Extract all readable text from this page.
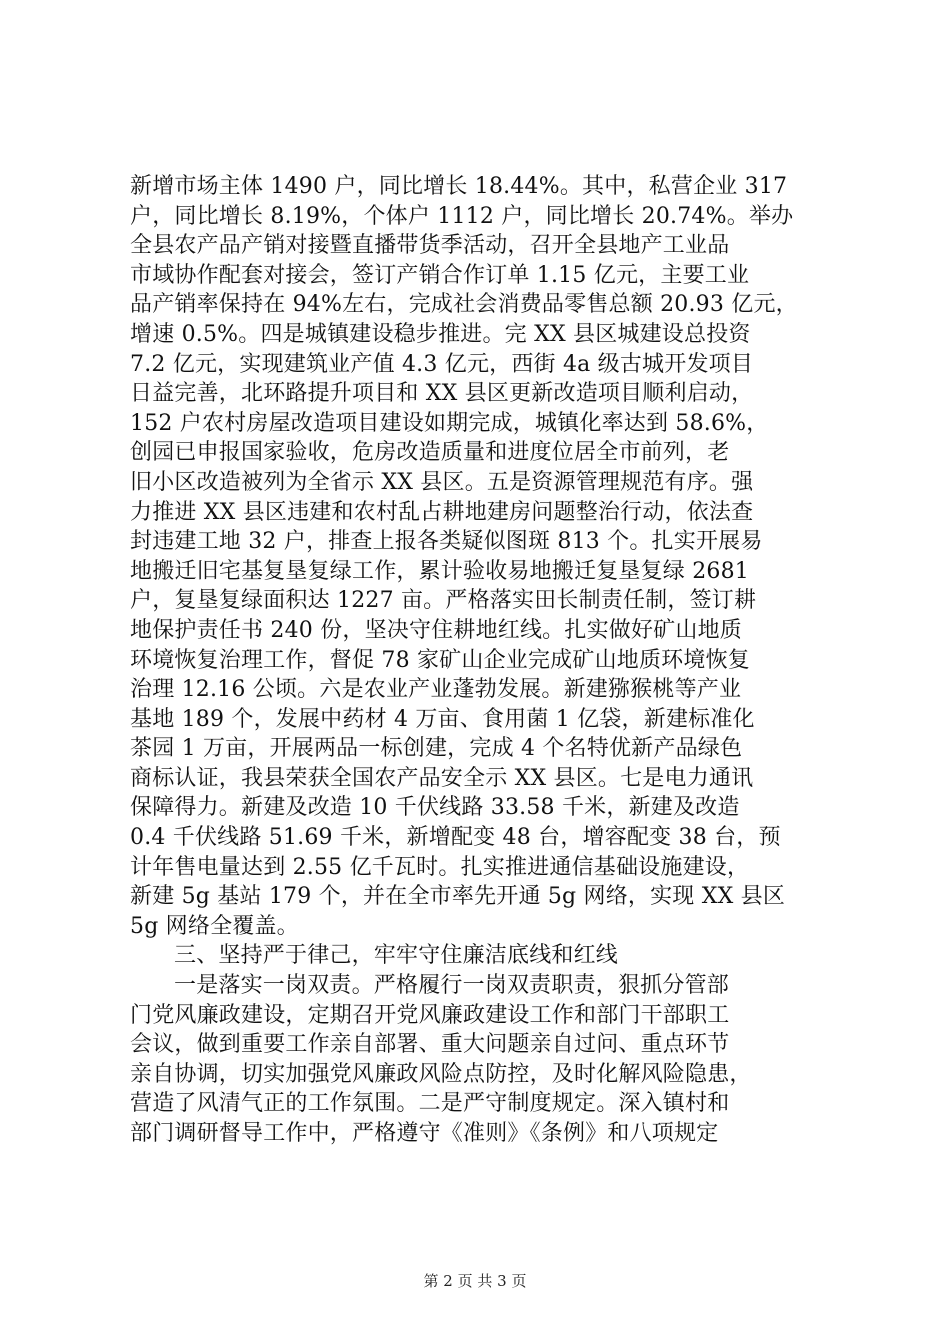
新增市场主体 1490 户，同比增长 18.44%。其中，私营企业 317
户，同比增长 8.19%，个体户 1112 户，同比增长 20.74%。举办
全县农产品产销对接暨直播带货季活动，召开全县地产工业品
市域协作配套对接会，签订产销合作订单 1.15 亿元，主要工业
品产销率保持在 94%左右，完成社会消费品零售总额 20.93 亿元，
增速 0.5%。四是城镇建设稳步推进。完 XX 县区城建设总投资
7.2 亿元，实现建筑业产值 4.3 亿元，西街 4a 级古城开发项目
日益完善，北环路提升项目和 XX 县区更新改造项目顺利启动，
152 户农村房屋改造项目建设如期完成，城镇化率达到 58.6%，
创园已申报国家验收，危房改造质量和进度位居全市前列，老
旧小区改造被列为全省示 XX 县区。五是资源管理规范有序。强
力推进 XX 县区违建和农村乱占耕地建房问题整治行动，依法查
封违建工地 32 户，排查上报各类疑似图斑 813 个。扎实开展易
地搬迁旧宅基复垦复绿工作，累计验收易地搬迁复垦复绿 2681
户，复垦复绿面积达 1227 亩。严格落实田长制责任制，签订耕
地保护责任书 240 份，坚决守住耕地红线。扎实做好矿山地质
环境恢复治理工作，督促 78 家矿山企业完成矿山地质环境恢复
治理 12.16 公顷。六是农业产业蓬勃发展。新建猕猴桃等产业
基地 189 个，发展中药材 4 万亩、食用菌 1 亿袋，新建标准化
茶园 1 万亩，开展两品一标创建，完成 4 个名特优新产品绿色
商标认证，我县荣获全国农产品安全示 XX 县区。七是电力通讯
保障得力。新建及改造 10 千伏线路 33.58 千米，新建及改造
0.4 千伏线路 51.69 千米，新增配变 48 台，增容配变 38 台，预
计年售电量达到 2.55 亿千瓦时。扎实推进通信基础设施建设，
新建 5g 基站 179 个，并在全市率先开通 5g 网络，实现 XX 县区
5g 网络全覆盖。
三、坚持严于律己，牢牢守住廉洁底线和红线
一是落实一岗双责。严格履行一岗双责职责，狠抓分管部
门党风廉政建设，定期召开党风廉政建设工作和部门干部职工
会议，做到重要工作亲自部署、重大问题亲自过问、重点环节
亲自协调，切实加强党风廉政风险点防控，及时化解风险隐患，
营造了风清气正的工作氛围。二是严守制度规定。深入镇村和
部门调研督导工作中，严格遵守《准则》《条例》和八项规定
第 2 页 共 3 页
